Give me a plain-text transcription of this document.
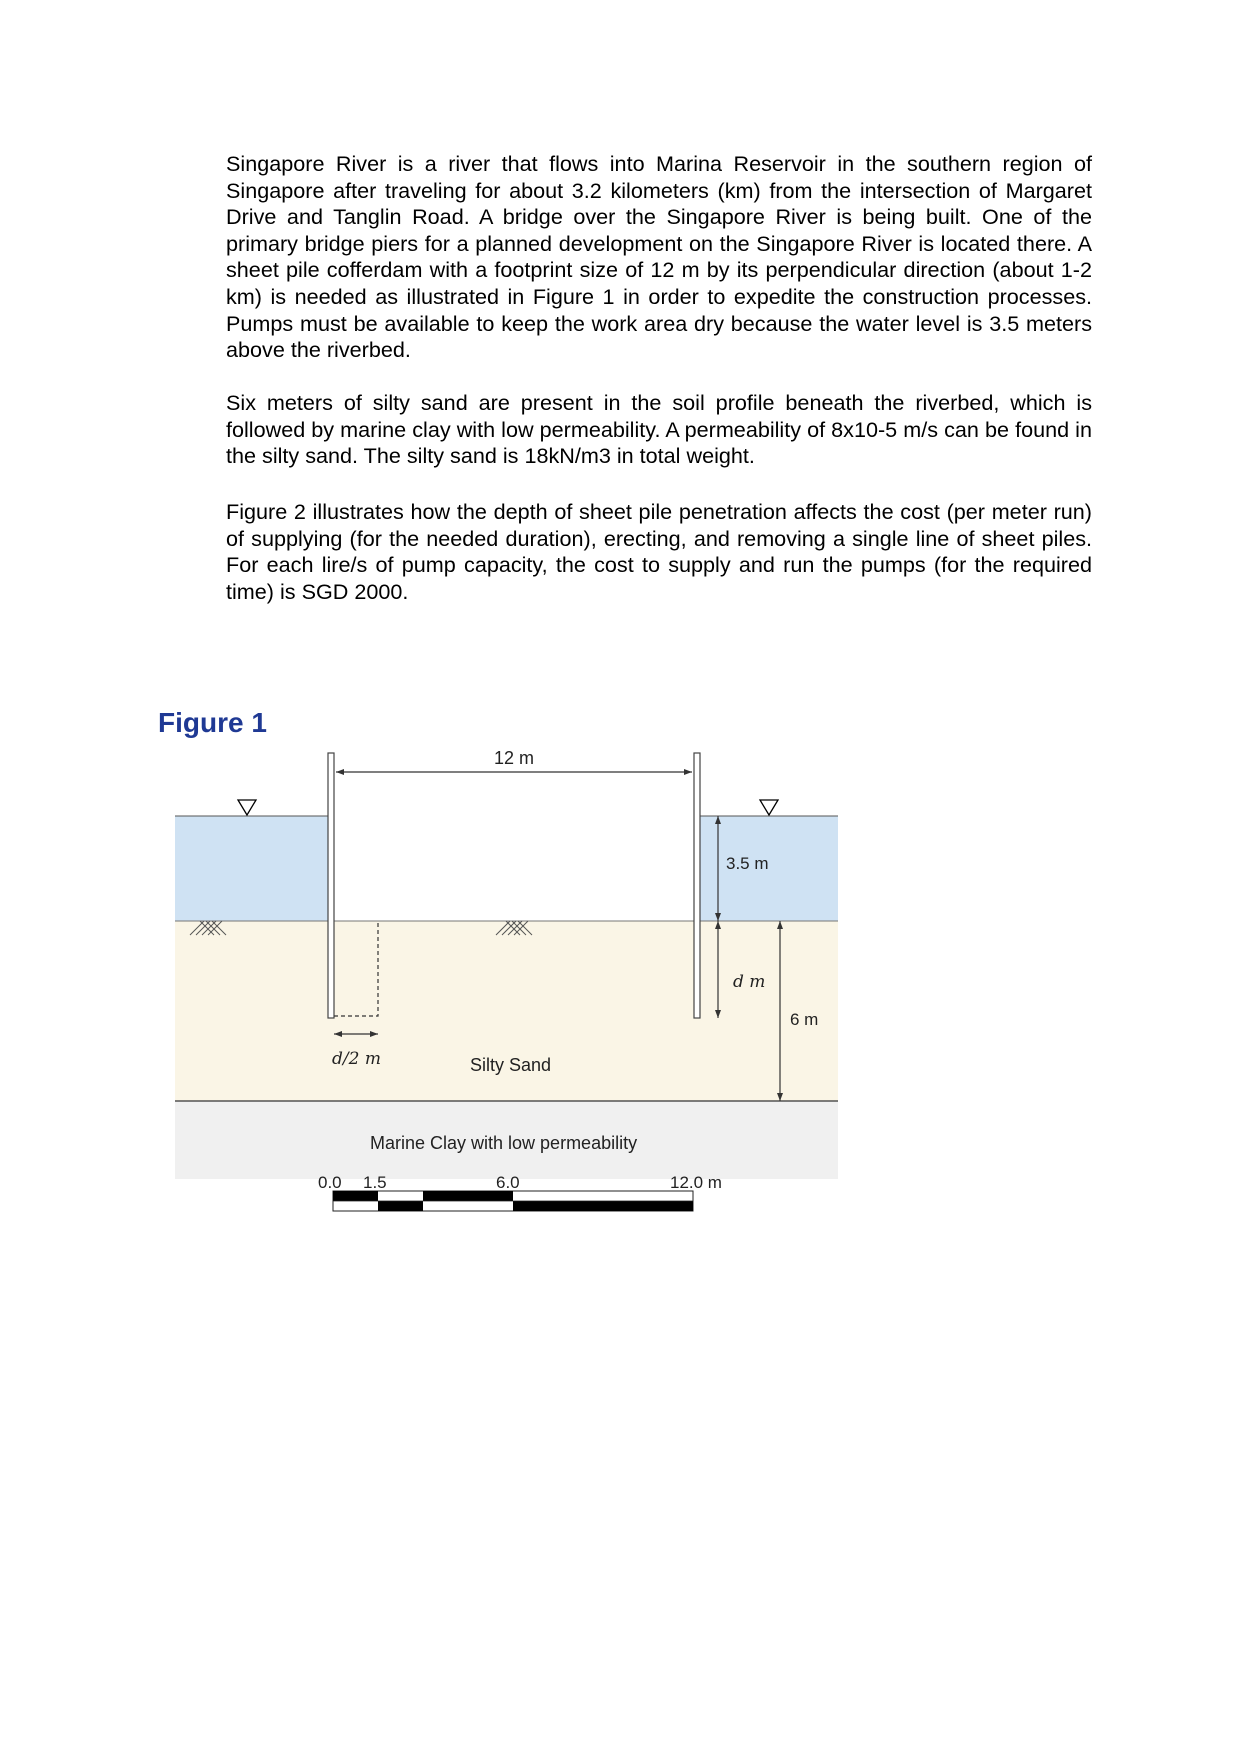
Singapore River is a river that flows into Marina Reservoir in the southern region of Singapore after traveling for about 3.2 kilometers (km) from the intersection of Margaret Drive and Tanglin Road. A bridge over the Singapore River is being built. One of the primary bridge piers for a planned development on the Singapore River is located there. A sheet pile cofferdam with a footprint size of 12 m by its perpendicular direction (about 1-2 km) is needed as illustrated in Figure 1 in order to expedite the construction processes. Pumps must be available to keep the work area dry because the water level is 3.5 meters above the riverbed.
Six meters of silty sand are present in the soil profile beneath the riverbed, which is followed by marine clay with low permeability. A permeability of 8x10-5 m/s can be found in the silty sand. The silty sand is 18kN/m3 in total weight.
Figure 2 illustrates how the depth of sheet pile penetration affects the cost (per meter run) of supplying (for the needed duration), erecting, and removing a single line of sheet piles. For each lire/s of pump capacity, the cost to supply and run the pumps (for the required time) is SGD 2000.
Figure 1
12 m
3.5 m
d m
6 m
d/2 m	Silty Sand
Marine Clay with low permeability
0.0 1.5	6.0	12.0 m
